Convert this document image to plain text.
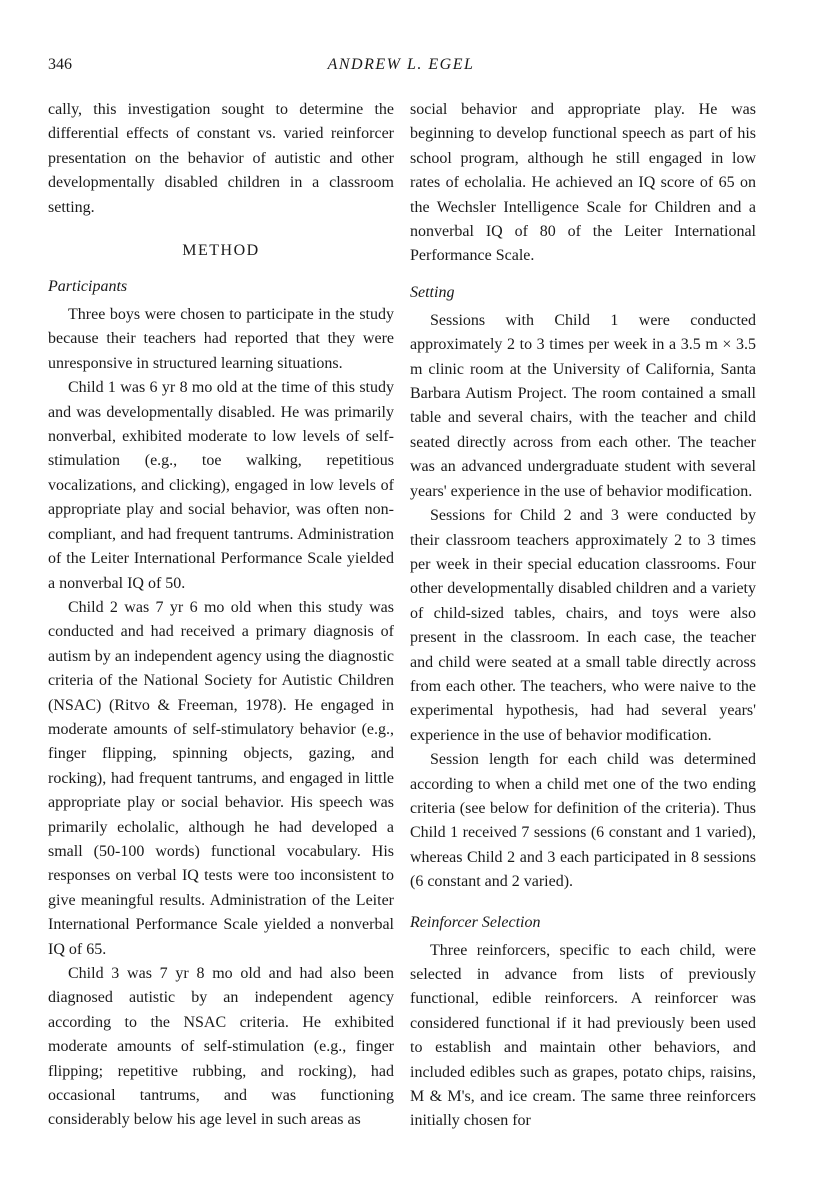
346	ANDREW L. EGEL

cally, this investigation sought to determine the differential effects of constant vs. varied reinforcer presentation on the behavior of autistic and other developmentally disabled children in a classroom setting.

METHOD
Participants

Three boys were chosen to participate in the study because their teachers had reported that they were unresponsive in structured learning situations.

Child 1 was 6 yr 8 mo old at the time of this study and was developmentally disabled. He was primarily nonverbal, exhibited moderate to low levels of self-stimulation (e.g., toe walking, repetitious vocalizations, and clicking), engaged in low levels of appropriate play and social behavior, was often non-compliant, and had frequent tantrums. Administration of the Leiter International Performance Scale yielded a nonverbal IQ of 50.

Child 2 was 7 yr 6 mo old when this study was conducted and had received a primary diagnosis of autism by an independent agency using the diagnostic criteria of the National Society for Autistic Children (NSAC) (Ritvo & Freeman, 1978). He engaged in moderate amounts of self-stimulatory behavior (e.g., finger flipping, spinning objects, gazing, and rocking), had frequent tantrums, and engaged in little appropriate play or social behavior. His speech was primarily echolalic, although he had developed a small (50-100 words) functional vocabulary. His responses on verbal IQ tests were too inconsistent to give meaningful results. Administration of the Leiter International Performance Scale yielded a nonverbal IQ of 65.

Child 3 was 7 yr 8 mo old and had also been diagnosed autistic by an independent agency according to the NSAC criteria. He exhibited moderate amounts of self-stimulation (e.g., finger flipping; repetitive rubbing, and rocking), had occasional tantrums, and was functioning considerably below his age level in such areas as

social behavior and appropriate play. He was beginning to develop functional speech as part of his school program, although he still engaged in low rates of echolalia. He achieved an IQ score of 65 on the Wechsler Intelligence Scale for Children and a nonverbal IQ of 80 of the Leiter International Performance Scale.

Setting

Sessions with Child 1 were conducted approximately 2 to 3 times per week in a 3.5 m × 3.5 m clinic room at the University of California, Santa Barbara Autism Project. The room contained a small table and several chairs, with the teacher and child seated directly across from each other. The teacher was an advanced undergraduate student with several years' experience in the use of behavior modification.

Sessions for Child 2 and 3 were conducted by their classroom teachers approximately 2 to 3 times per week in their special education classrooms. Four other developmentally disabled children and a variety of child-sized tables, chairs, and toys were also present in the classroom. In each case, the teacher and child were seated at a small table directly across from each other. The teachers, who were naive to the experimental hypothesis, had had several years' experience in the use of behavior modification.

Session length for each child was determined according to when a child met one of the two ending criteria (see below for definition of the criteria). Thus Child 1 received 7 sessions (6 constant and 1 varied), whereas Child 2 and 3 each participated in 8 sessions (6 constant and 2 varied).

Reinforcer Selection

Three reinforcers, specific to each child, were selected in advance from lists of previously functional, edible reinforcers. A reinforcer was considered functional if it had previously been used to establish and maintain other behaviors, and included edibles such as grapes, potato chips, raisins, M & M's, and ice cream. The same three reinforcers initially chosen for
